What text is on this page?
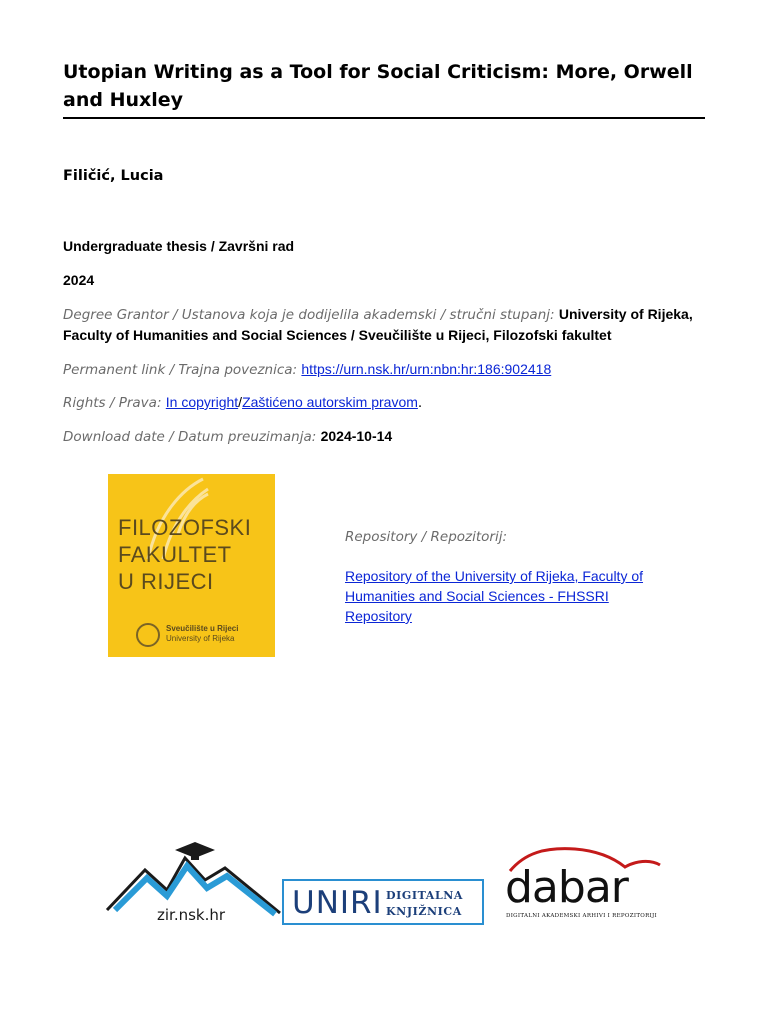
Utopian Writing as a Tool for Social Criticism: More, Orwell and Huxley
Filičić, Lucia
Undergraduate thesis / Završni rad
2024
Degree Grantor / Ustanova koja je dodijelila akademski / stručni stupanj: University of Rijeka, Faculty of Humanities and Social Sciences / Sveučilište u Rijeci, Filozofski fakultet
Permanent link / Trajna poveznica: https://urn.nsk.hr/urn:nbn:hr:186:902418
Rights / Prava: In copyright/Zaštićeno autorskim pravom.
Download date / Datum preuzimanja: 2024-10-14
FILOZOFSKI
FAKULTET
U RIJECI
Sveučilište u Rijeci
University of Rijeka
Repository / Repozitorij:
Repository of the University of Rijeka, Faculty of Humanities and Social Sciences - FHSSRI Repository
zir.nsk.hr UNIRI DIGITALNA
KNJIŽNICA dabar
DIGITALNI AKADEMSKI ARHIVI I REPOZITORIJI
